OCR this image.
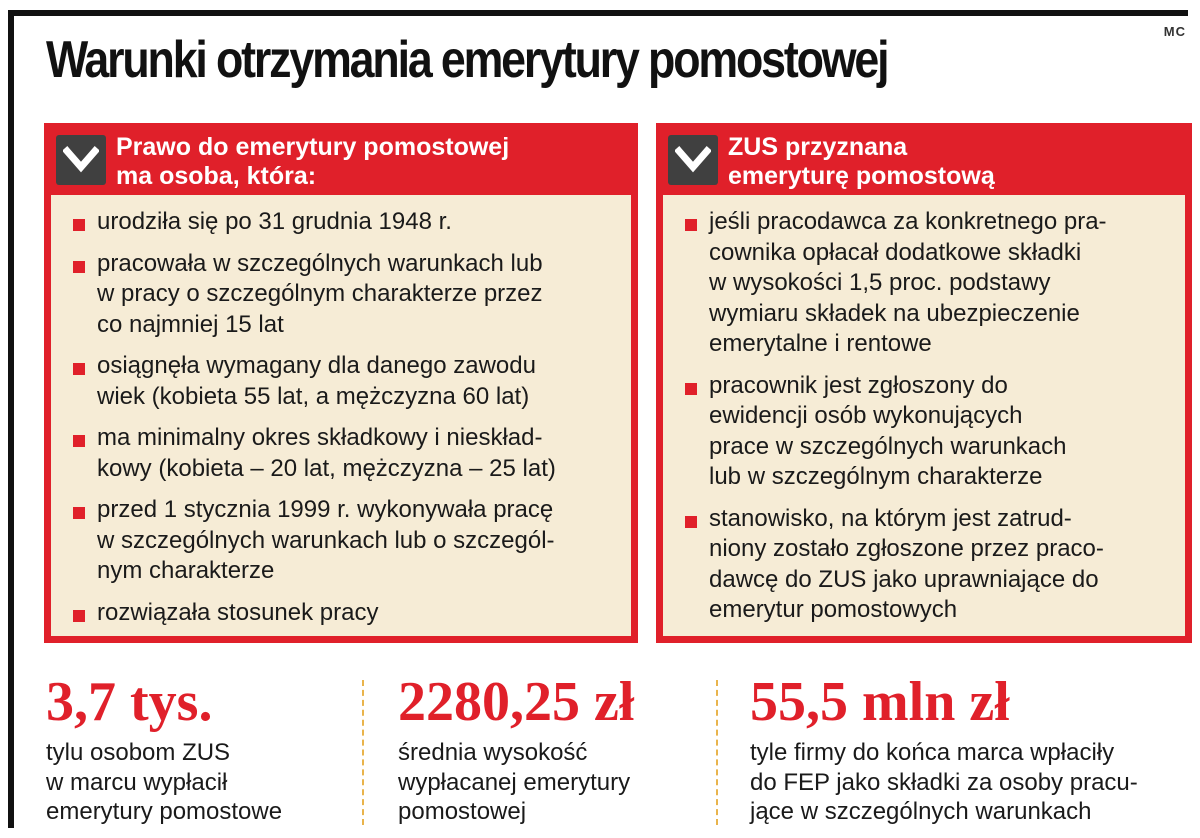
MC
Warunki otrzymania emerytury pomostowej
Prawo do emerytury pomostowej
ma osoba, która:
urodziła się po 31 grudnia 1948 r.
pracowała w szczególnych warunkach lub
w pracy o szczególnym charakterze przez
co najmniej 15 lat
osiągnęła wymagany dla danego zawodu
wiek (kobieta 55 lat, a mężczyzna 60 lat)
ma minimalny okres składkowy i nieskład-
kowy (kobieta – 20 lat, mężczyzna – 25 lat)
przed 1 stycznia 1999 r. wykonywała pracę
w szczególnych warunkach lub o szczegól-
nym charakterze
rozwiązała stosunek pracy
ZUS przyznana
emeryturę pomostową
jeśli pracodawca za konkretnego pra-
cownika opłacał dodatkowe składki
w wysokości 1,5 proc. podstawy
wymiaru składek na ubezpieczenie
emerytalne i rentowe
pracownik jest zgłoszony do
ewidencji osób wykonujących
prace w szczególnych warunkach
lub w szczególnym charakterze
stanowisko, na którym jest zatrud-
niony zostało zgłoszone przez praco-
dawcę do ZUS jako uprawniające do
emerytur pomostowych
3,7 tys.
tylu osobom ZUS
w marcu wypłacił
emerytury pomostowe
2280,25 zł
średnia wysokość
wypłacanej emerytury
pomostowej
55,5 mln zł
tyle firmy do końca marca wpłaciły
do FEP jako składki za osoby pracu-
jące w szczególnych warunkach
